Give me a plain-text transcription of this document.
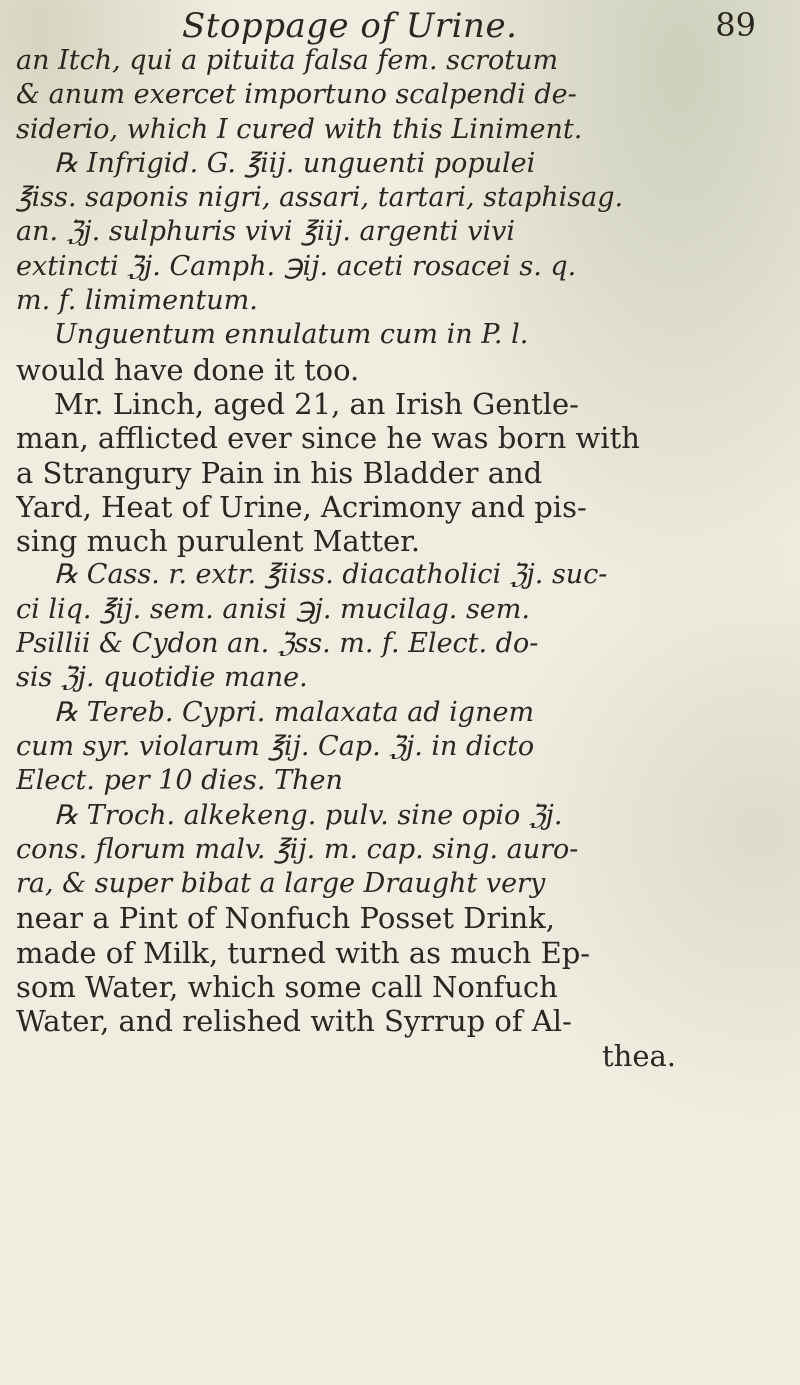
Stoppage of Urine.	89
an Itch, qui a pituita falsa fem. scrotum
& anum exercet importuno scalpendi de-
siderio, which I cured with this Liniment.
℞ Infrigid. G. ℥iij. unguenti populei
℥iss. saponis nigri, assari, tartari, staphisag.
an. ℨj. sulphuris vivi ℥iij. argenti vivi
extincti ℨj. Camph. ℈ij. aceti rosacei s. q.
m. f. limimentum.
Unguentum ennulatum cum in P. l.
would have done it too.
Mr. Linch, aged 21, an Irish Gentle-
man, afflicted ever since he was born with
a Strangury Pain in his Bladder and
Yard, Heat of Urine, Acrimony and pis-
sing much purulent Matter.
℞ Cass. r. extr. ℥iiss. diacatholici ℨj. suc-
ci liq. ℥ij. sem. anisi ℈j. mucilag. sem.
Psillii & Cydon an. ℨss. m. f. Elect. do-
sis ℨj. quotidie mane.
℞ Tereb. Cypri. malaxata ad ignem
cum syr. violarum ℥ij. Cap. ℨj. in dicto
Elect. per 10 dies. Then
℞ Troch. alkekeng. pulv. sine opio ℨj.
cons. florum malv. ℥ij. m. cap. sing. auro-
ra, & super bibat a large Draught very
near a Pint of Nonfuch Posset Drink,
made of Milk, turned with as much Ep-
som Water, which some call Nonfuch
Water, and relished with Syrrup of Al-
thea.
